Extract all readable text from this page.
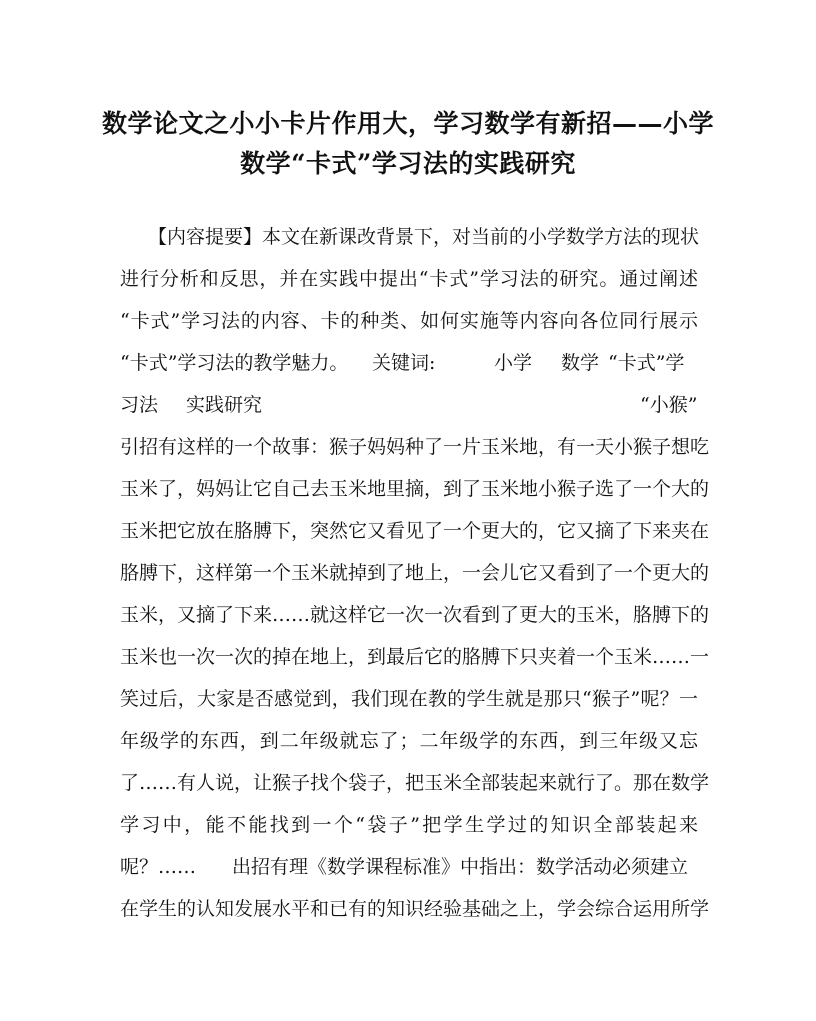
数学论文之小小卡片作用大，学习数学有新招——小学
数学“卡式”学习法的实践研究
【内容提要】本文在新课改背景下，对当前的小学数学方法的现状
进行分析和反思，并在实践中提出“卡式”学习法的研究。通过阐述
“卡式”学习法的内容、卡的种类、如何实施等内容向各位同行展示
“卡式”学习法的教学魅力。 关键词:	小学 数学 “卡式”学
习法 实践研究	“小猴”
引招有这样的一个故事：猴子妈妈种了一片玉米地，有一天小猴子想吃
玉米了，妈妈让它自己去玉米地里摘，到了玉米地小猴子选了一个大的
玉米把它放在胳膊下，突然它又看见了一个更大的，它又摘了下来夹在
胳膊下，这样第一个玉米就掉到了地上，一会儿它又看到了一个更大的
玉米，又摘了下来……就这样它一次一次看到了更大的玉米，胳膊下的
玉米也一次一次的掉在地上，到最后它的胳膊下只夹着一个玉米……一
笑过后，大家是否感觉到，我们现在教的学生就是那只“猴子”呢？一
年级学的东西，到二年级就忘了；二年级学的东西，到三年级又忘
了……有人说，让猴子找个袋子，把玉米全部装起来就行了。那在数学
学习中，能不能找到一个“袋子”把学生学过的知识全部装起来
呢？…… 出招有理《数学课程标准》中指出：数学活动必须建立
在学生的认知发展水平和已有的知识经验基础之上，学会综合运用所学
